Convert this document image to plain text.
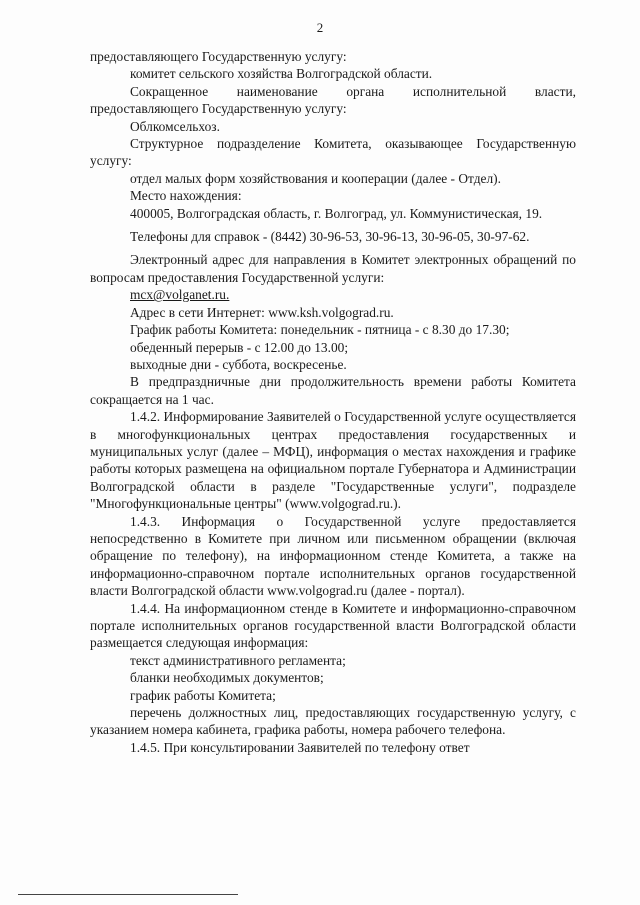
2

предоставляющего Государственную услугу:

комитет сельского хозяйства Волгоградской области.

Сокращенное наименование органа исполнительной власти, предоставляющего Государственную услугу:

Облкомсельхоз.

Структурное подразделение Комитета, оказывающее Государственную услугу:

отдел малых форм хозяйствования и кооперации (далее - Отдел).

Место нахождения:

400005, Волгоградская область, г. Волгоград, ул. Коммунистическая, 19.

Телефоны для справок - (8442) 30-96-53, 30-96-13, 30-96-05, 30-97-62.

Электронный адрес для направления в Комитет электронных обращений по вопросам предоставления Государственной услуги:

mcx@volganet.ru.

Адрес в сети Интернет: www.ksh.volgograd.ru.

График работы Комитета: понедельник - пятница - с 8.30 до 17.30;

обеденный перерыв - с 12.00 до 13.00;

выходные дни - суббота, воскресенье.

В предпраздничные дни продолжительность времени работы Комитета сокращается на 1 час.

1.4.2. Информирование Заявителей о Государственной услуге осуществляется в многофункциональных центрах предоставления государственных и муниципальных услуг (далее – МФЦ), информация о местах нахождения и графике работы которых размещена на официальном портале Губернатора и Администрации Волгоградской области в разделе "Государственные услуги", подразделе "Многофункциональные центры" (www.volgograd.ru.).

1.4.3. Информация о Государственной услуге предоставляется непосредственно в Комитете при личном или письменном обращении (включая обращение по телефону), на информационном стенде Комитета, а также на информационно-справочном портале исполнительных органов государственной власти Волгоградской области www.volgograd.ru (далее - портал).

1.4.4. На информационном стенде в Комитете и информационно-справочном портале исполнительных органов государственной власти Волгоградской области размещается следующая информация:

текст административного регламента;

бланки необходимых документов;

график работы Комитета;

перечень должностных лиц, предоставляющих государственную услугу, с указанием номера кабинета, графика работы, номера рабочего телефона.

1.4.5. При консультировании Заявителей по телефону ответ
